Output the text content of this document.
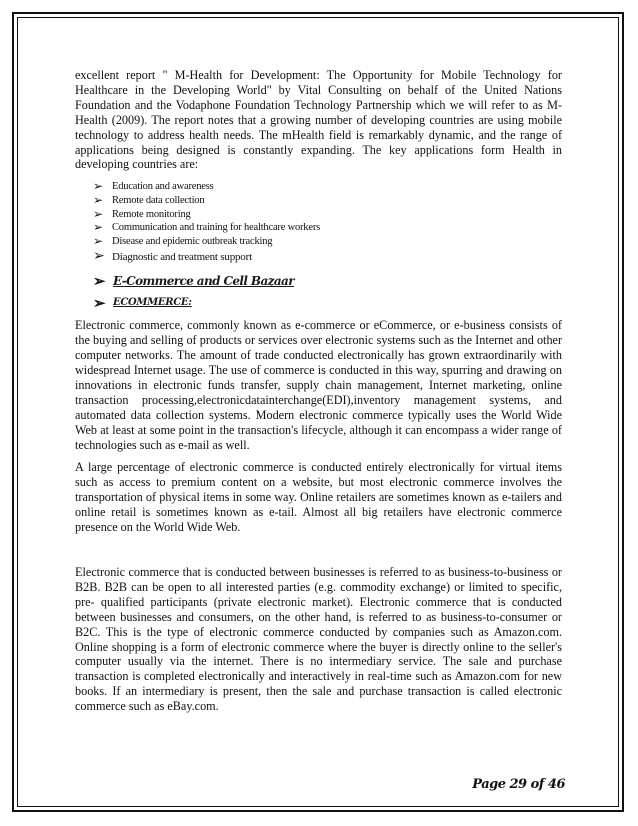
excellent report " M-Health for Development: The Opportunity for Mobile Technology for Healthcare in the Developing World" by Vital Consulting on behalf of the United Nations Foundation and the Vodaphone Foundation Technology Partnership which we will refer to as M-Health (2009). The report notes that a growing number of developing countries are using mobile technology to address health needs. The mHealth field is remarkably dynamic, and the range of applications being designed is constantly expanding. The key applications form Health in developing countries are:

➢ Education and awareness
➢ Remote data collection
➢ Remote monitoring
➢ Communication and training for healthcare workers
➢ Disease and epidemic outbreak tracking
➢ Diagnostic and treatment support
➢ E-Commerce and Cell Bazaar
➢ ECOMMERCE:

Electronic commerce, commonly known as e-commerce or eCommerce, or e-business consists of the buying and selling of products or services over electronic systems such as the Internet and other computer networks. The amount of trade conducted electronically has grown extraordinarily with widespread Internet usage. The use of commerce is conducted in this way, spurring and drawing on innovations in electronic funds transfer, supply chain management, Internet marketing, online transaction processing,electronicdatainterchange(EDI),inventory management systems, and automated data collection systems. Modern electronic commerce typically uses the World Wide Web at least at some point in the transaction's lifecycle, although it can encompass a wider range of technologies such as e-mail as well.

A large percentage of electronic commerce is conducted entirely electronically for virtual items such as access to premium content on a website, but most electronic commerce involves the transportation of physical items in some way. Online retailers are sometimes known as e-tailers and online retail is sometimes known as e-tail. Almost all big retailers have electronic commerce presence on the World Wide Web.

Electronic commerce that is conducted between businesses is referred to as business-to-business or B2B. B2B can be open to all interested parties (e.g. commodity exchange) or limited to specific, pre- qualified participants (private electronic market). Electronic commerce that is conducted between businesses and consumers, on the other hand, is referred to as business-to-consumer or B2C. This is the type of electronic commerce conducted by companies such as Amazon.com. Online shopping is a form of electronic commerce where the buyer is directly online to the seller's computer usually via the internet. There is no intermediary service. The sale and purchase transaction is completed electronically and interactively in real-time such as Amazon.com for new books. If an intermediary is present, then the sale and purchase transaction is called electronic commerce such as eBay.com.

Page 29 of 46
